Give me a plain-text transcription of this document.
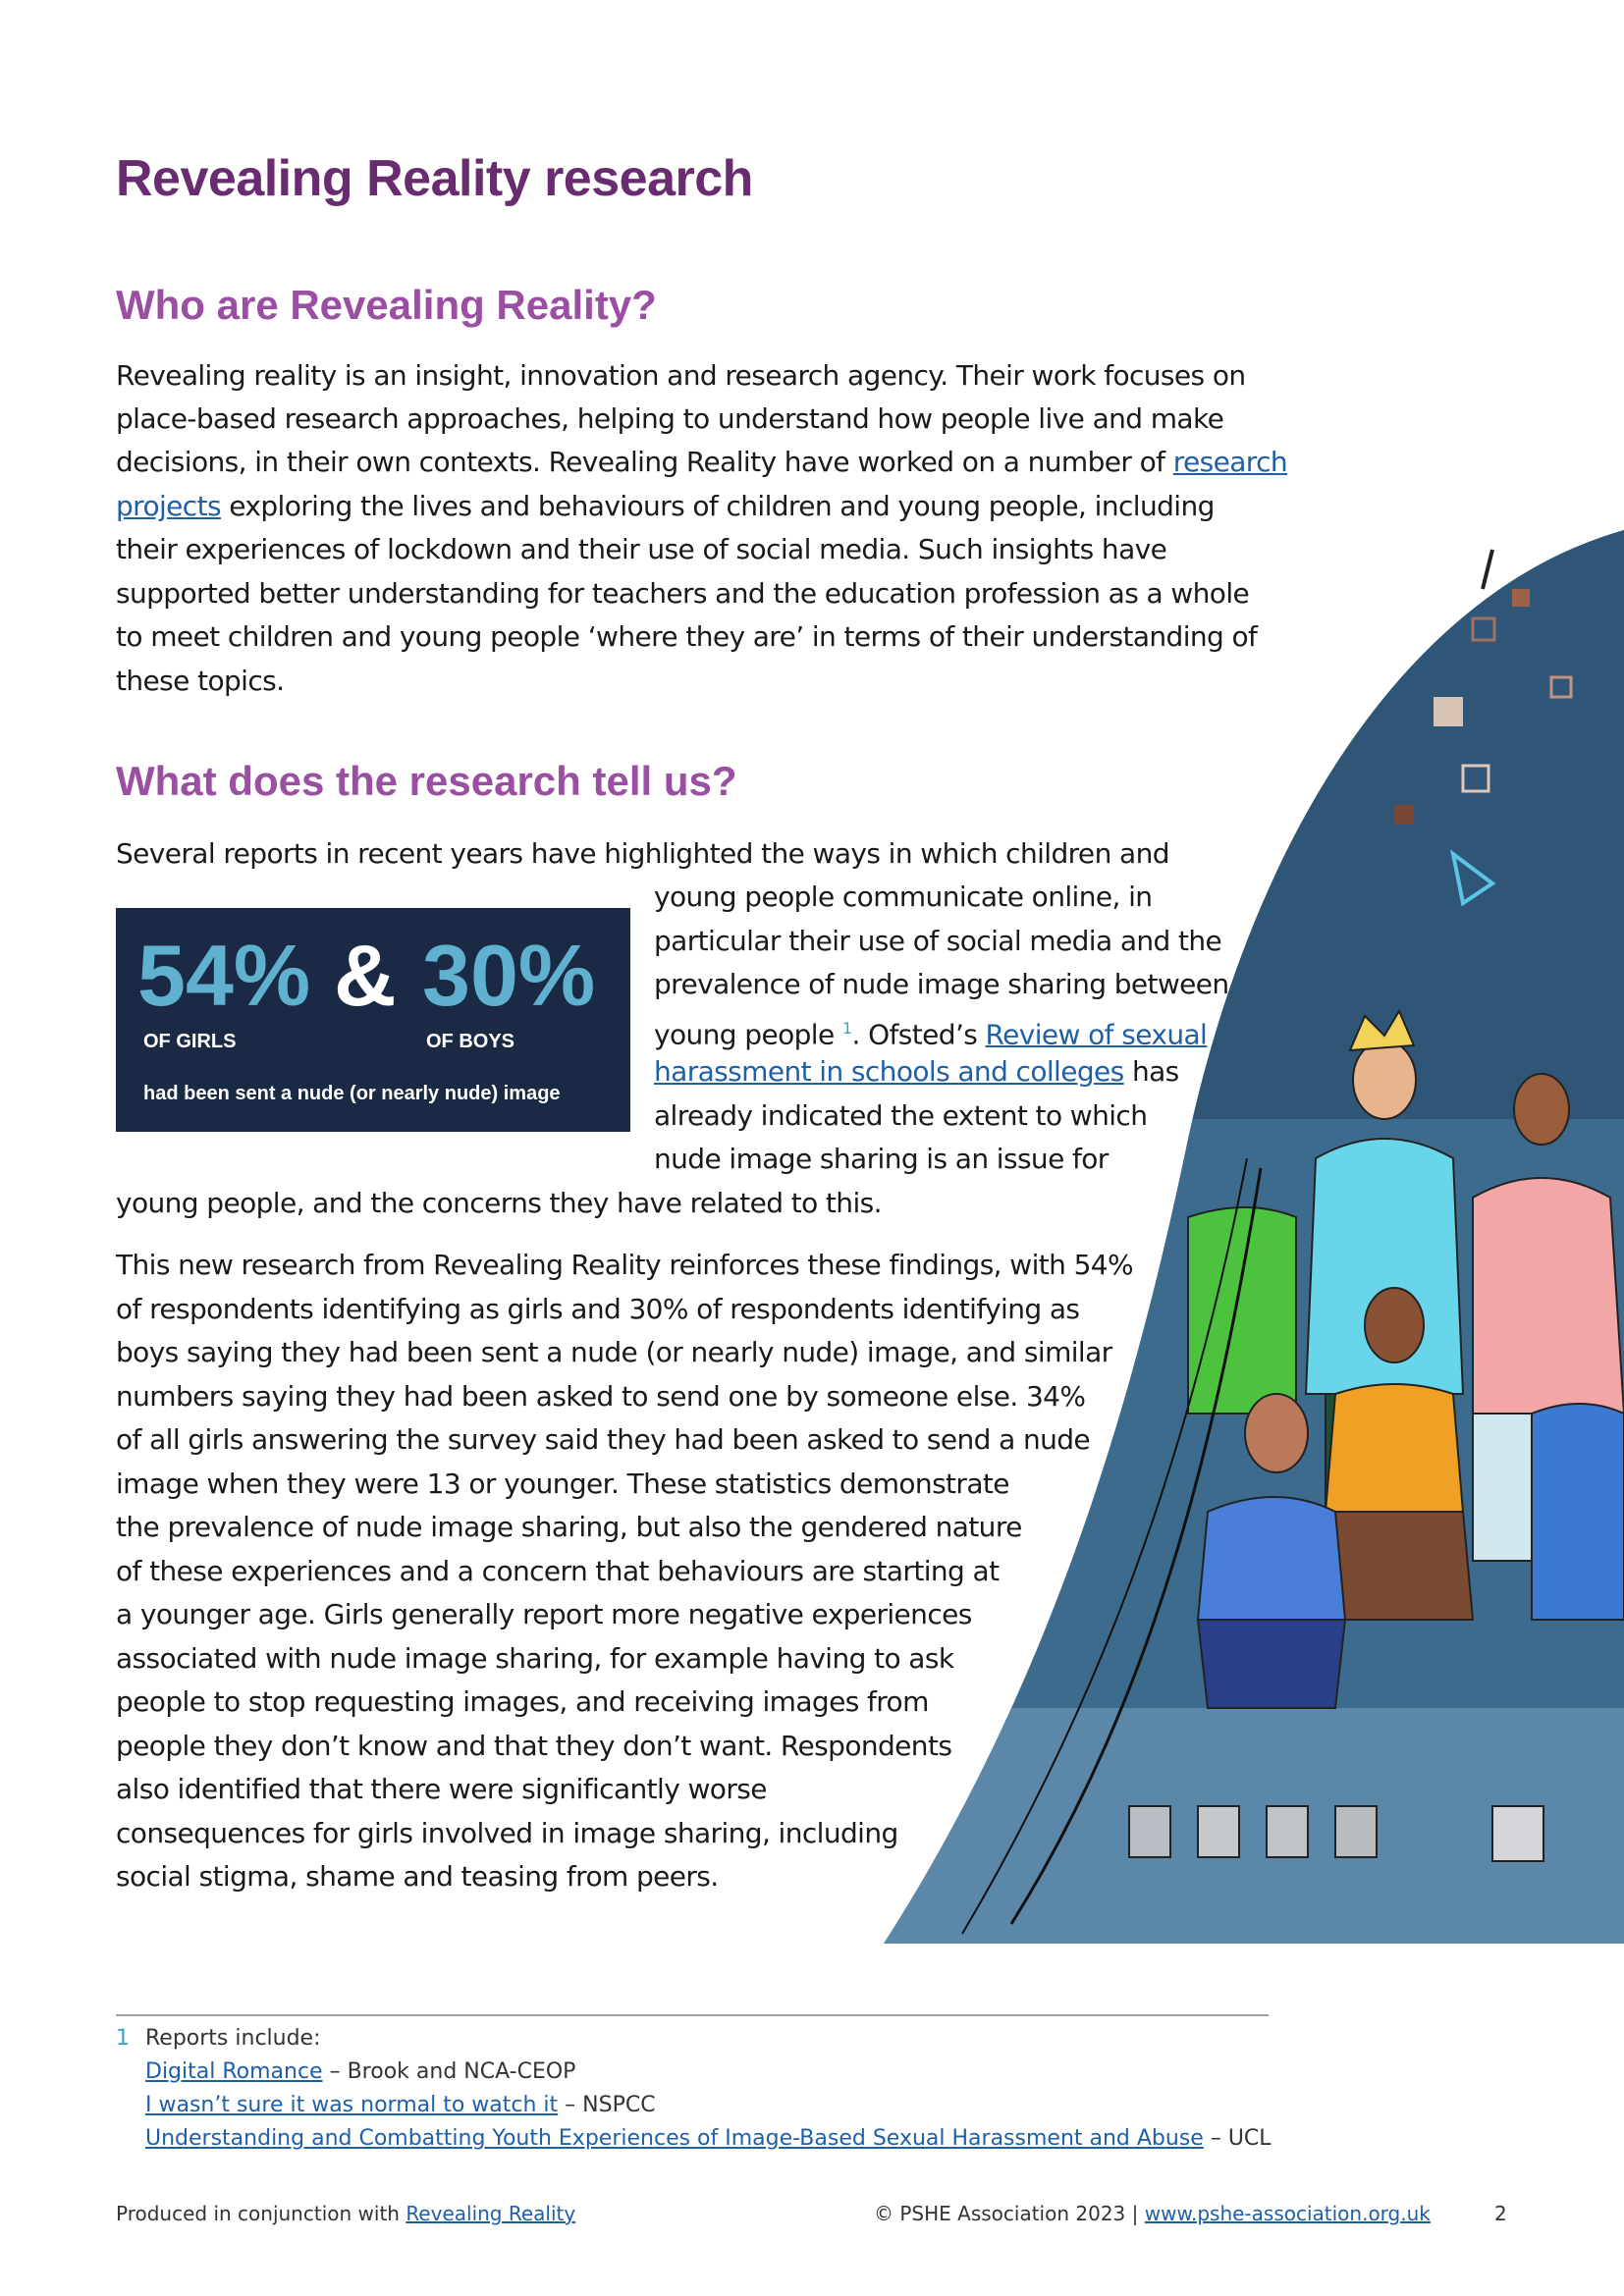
Revealing Reality research
Who are Revealing Reality?
Revealing reality is an insight, innovation and research agency. Their work focuses on
place-based research approaches, helping to understand how people live and make
decisions, in their own contexts. Revealing Reality have worked on a number of research
projects exploring the lives and behaviours of children and young people, including
their experiences of lockdown and their use of social media. Such insights have
supported better understanding for teachers and the education profession as a whole
to meet children and young people ‘where they are’ in terms of their understanding of
these topics.
What does the research tell us?
Several reports in recent years have highlighted the ways in which children and
young people communicate online, in
particular their use of social media and the
prevalence of nude image sharing between
young people $^1$. Ofsted’s Review of sexual
harassment in schools and colleges has
already indicated the extent to which
nude image sharing is an issue for
young people, and the concerns they have related to this.
54% & 30%
OF GIRLS	OF BOYS
had been sent a nude (or nearly nude) image
This new research from Revealing Reality reinforces these findings, with 54%
of respondents identifying as girls and 30% of respondents identifying as
boys saying they had been sent a nude (or nearly nude) image, and similar
numbers saying they had been asked to send one by someone else. 34%
of all girls answering the survey said they had been asked to send a nude
image when they were 13 or younger. These statistics demonstrate
the prevalence of nude image sharing, but also the gendered nature
of these experiences and a concern that behaviours are starting at
a younger age. Girls generally report more negative experiences
associated with nude image sharing, for example having to ask
people to stop requesting images, and receiving images from
people they don’t know and that they don’t want. Respondents
also identified that there were significantly worse
consequences for girls involved in image sharing, including
social stigma, shame and teasing from peers.
1 Reports include:
Digital Romance – Brook and NCA-CEOP
I wasn’t sure it was normal to watch it – NSPCC
Understanding and Combatting Youth Experiences of Image-Based Sexual Harassment and Abuse – UCL
Produced in conjunction with Revealing Reality	© PSHE Association 2023 | www.pshe-association.org.uk	2
